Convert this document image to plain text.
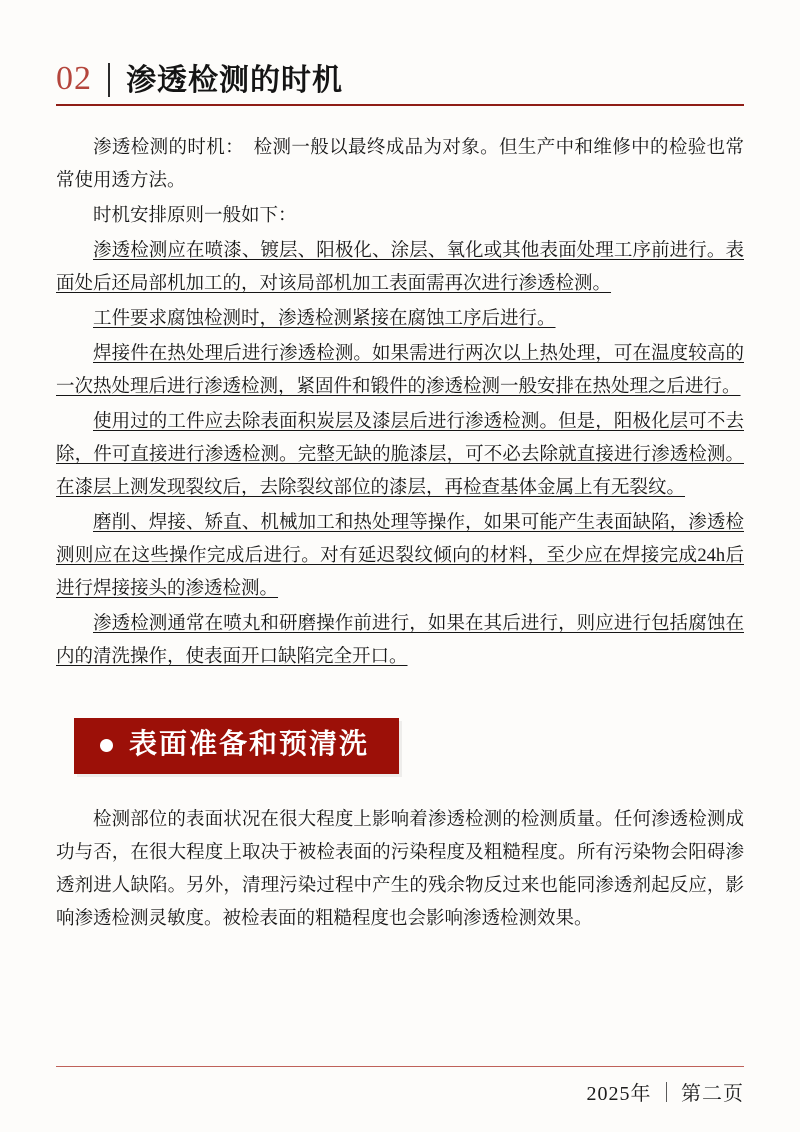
02	渗透检测的时机

渗透检测的时机：　检测一般以最终成品为对象。但生产中和维修中的检验也常常使用透方法。

时机安排原则一般如下：

渗透检测应在喷漆、镀层、阳极化、涂层、氧化或其他表面处理工序前进行。表面处后还局部机加工的，对该局部机加工表面需再次进行渗透检测。

工件要求腐蚀检测时，渗透检测紧接在腐蚀工序后进行。

焊接件在热处理后进行渗透检测。如果需进行两次以上热处理，可在温度较高的一次热处理后进行渗透检测，紧固件和锻件的渗透检测一般安排在热处理之后进行。

使用过的工件应去除表面积炭层及漆层后进行渗透检测。但是，阳极化层可不去除，件可直接进行渗透检测。完整无缺的脆漆层，可不必去除就直接进行渗透检测。在漆层上测发现裂纹后，去除裂纹部位的漆层，再检查基体金属上有无裂纹。

磨削、焊接、矫直、机械加工和热处理等操作，如果可能产生表面缺陷，渗透检测则应在这些操作完成后进行。对有延迟裂纹倾向的材料，至少应在焊接完成24h后进行焊接接头的渗透检测。

渗透检测通常在喷丸和研磨操作前进行，如果在其后进行，则应进行包括腐蚀在内的清洗操作，使表面开口缺陷完全开口。

表面准备和预清洗

检测部位的表面状况在很大程度上影响着渗透检测的检测质量。任何渗透检测成功与否，在很大程度上取决于被检表面的污染程度及粗糙程度。所有污染物会阳碍渗透剂进人缺陷。另外，清理污染过程中产生的残余物反过来也能同渗透剂起反应，影响渗透检测灵敏度。被检表面的粗糙程度也会影响渗透检测效果。

2025年	第二页
